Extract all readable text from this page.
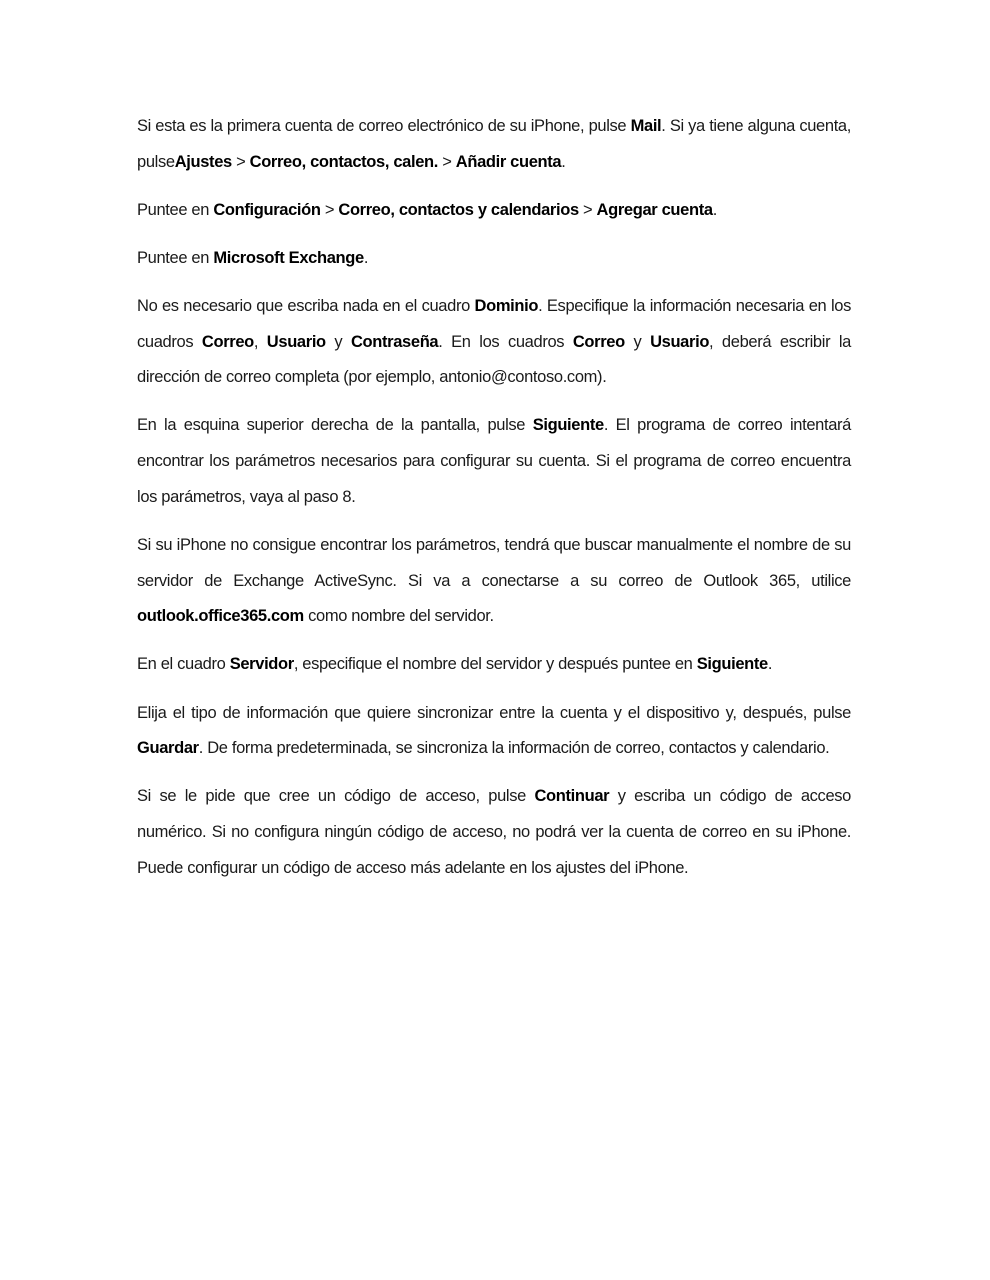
Si esta es la primera cuenta de correo electrónico de su iPhone, pulse Mail. Si ya tiene alguna cuenta, pulseAjustes > Correo, contactos, calen. > Añadir cuenta.

Puntee en Configuración > Correo, contactos y calendarios > Agregar cuenta.

Puntee en Microsoft Exchange.

No es necesario que escriba nada en el cuadro Dominio. Especifique la información necesaria en los cuadros Correo, Usuario y Contraseña. En los cuadros Correo y Usuario, deberá escribir la dirección de correo completa (por ejemplo, antonio@contoso.com).

En la esquina superior derecha de la pantalla, pulse Siguiente. El programa de correo intentará encontrar los parámetros necesarios para configurar su cuenta. Si el programa de correo encuentra los parámetros, vaya al paso 8.

Si su iPhone no consigue encontrar los parámetros, tendrá que buscar manualmente el nombre de su servidor de Exchange ActiveSync. Si va a conectarse a su correo de Outlook 365, utilice outlook.office365.com como nombre del servidor.

En el cuadro Servidor, especifique el nombre del servidor y después puntee en Siguiente.

Elija el tipo de información que quiere sincronizar entre la cuenta y el dispositivo y, después, pulse Guardar. De forma predeterminada, se sincroniza la información de correo, contactos y calendario.

Si se le pide que cree un código de acceso, pulse Continuar y escriba un código de acceso numérico. Si no configura ningún código de acceso, no podrá ver la cuenta de correo en su iPhone. Puede configurar un código de acceso más adelante en los ajustes del iPhone.
